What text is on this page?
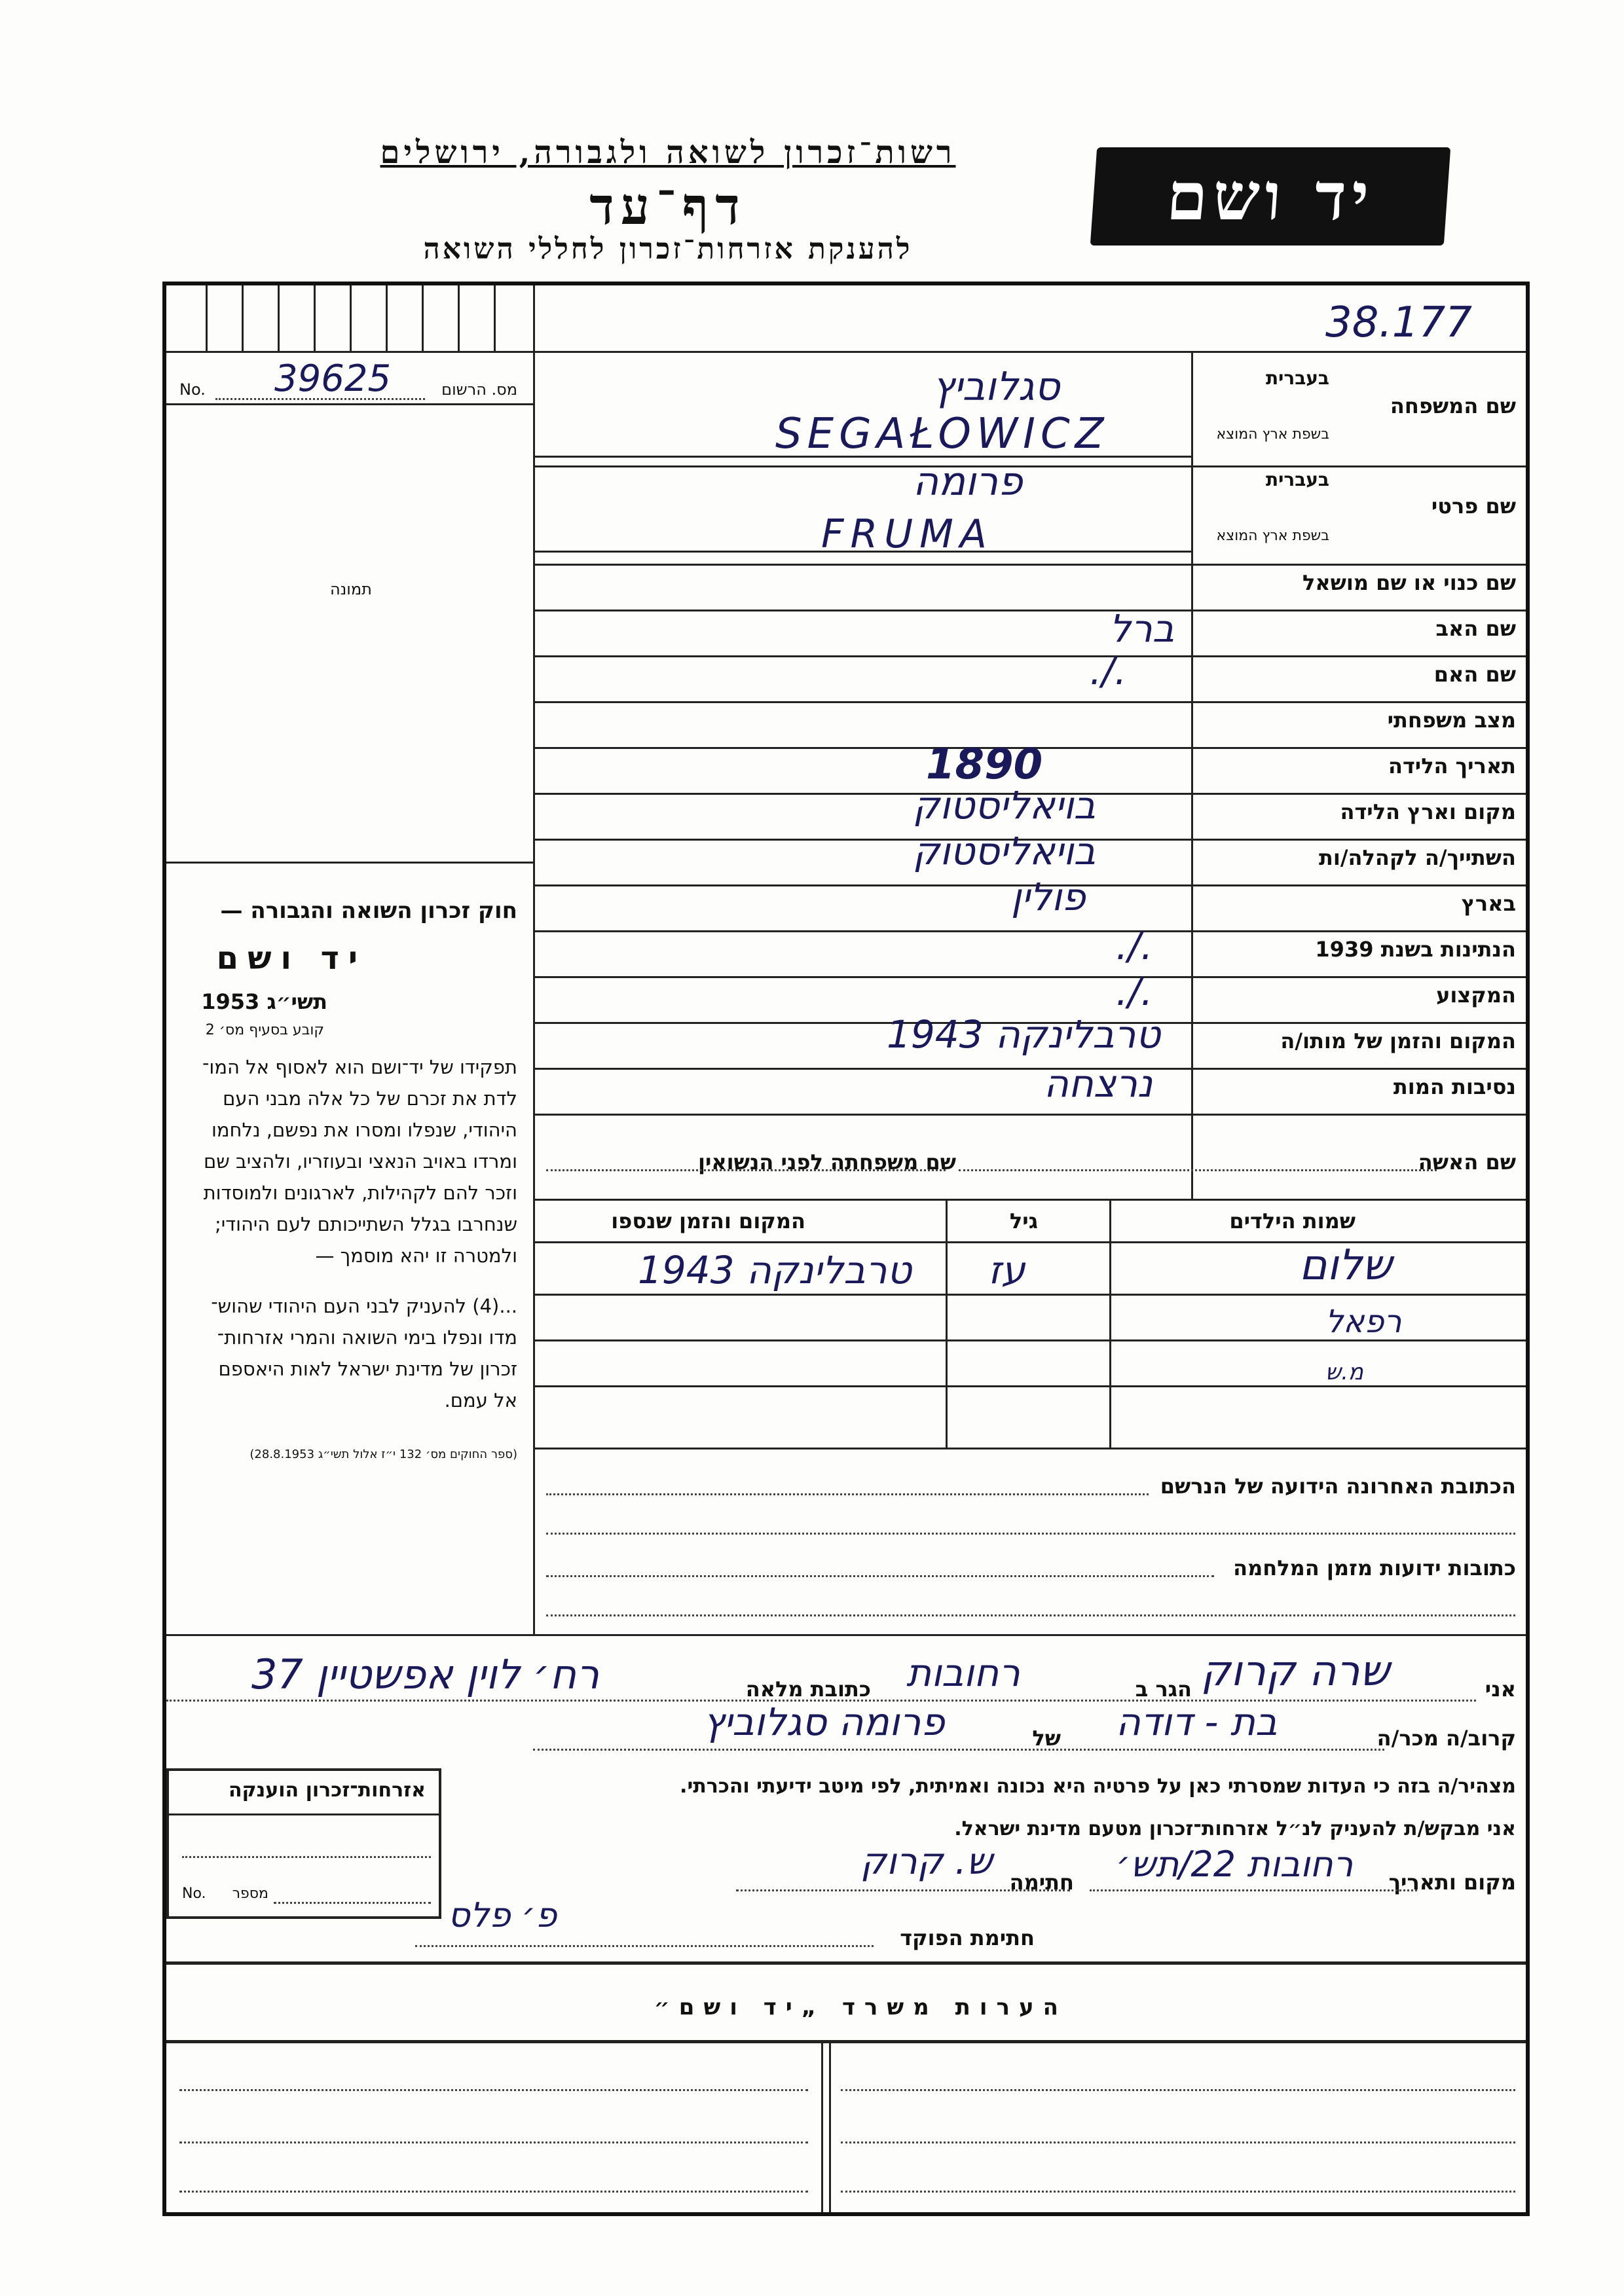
רשות־זכרון לשואה ולגבורה, ירושלים
דף־עד
להענקת אזרחות־זכרון לחללי השואה
יד ושם
38.177
מס. הרשום
No. 39625
תמונה
חוק זכרון השואה והגבורה —
יד ושם
תשי״ג 1953
קובע בסעיף מס׳ 2
תפקידו של יד־ושם הוא לאסוף אל המו־
לדת את זכרם של כל אלה מבני העם
היהודי, שנפלו ומסרו את נפשם, נלחמו
ומרדו באויב הנאצי ובעוזריו, ולהציב שם
וזכר להם לקהילות, לארגונים ולמוסדות
שנחרבו בגלל השתייכותם לעם היהודי;
ולמטרה זו יהא מוסמך —
...(4) להעניק לבני העם היהודי שהוש־
מדו ונפלו בימי השואה והמרי אזרחות־
זכרון של מדינת ישראל לאות היאספם
אל עמם.
(ספר החוקים מס׳ 132 י״ז אלול תשי״ג 28.8.1953)
בעברית
שם המשפחה
בשפת ארץ המוצא
סגלוביץ
SEGAŁOWICZ
בעברית
שם פרטי
בשפת ארץ המוצא
פרומה
FRUMA
שם כנוי או שם מושאל
שם האב
ברל
שם האם
./.
מצב משפחתי
תאריך הלידה
1890
מקום וארץ הלידה
בויאליסטוק
השתייך/ה לקהלה/ות
בויאליסטוק
בארץ
פולין
הנתינות בשנת 1939
./.
המקצוע
./.
המקום והזמן של מותו/ה
טרבלינקה 1943
נסיבות המות
נרצחה
שם האשה
שם משפחתה לפני הנשואין
שמות הילדים
גיל
המקום והזמן שנספו
שלום
רפאל
מ.ש
עז
טרבלינקה 1943
הכתובת האחרונה הידועה של הנרשם
כתובות ידועות מזמן המלחמה
אני
שרה קרוק
הגר ב
רחובות
כתובת מלאה
רח׳ לוין אפשטיין 37
קרוב/ה מכר/ה
בת - דודה
של
פרומה סגלוביץ
מצהיר/ה בזה כי העדות שמסרתי כאן על פרטיה היא נכונה ואמיתית, לפי מיטב ידיעתי והכרתי.
אני מבקש/ת להעניק לנ״ל אזרחות־זכרון מטעם מדינת ישראל.
מקום ותאריך
רחובות 22/תש׳
חתימה
ש. קרוק
חתימת הפוקד
פ׳ פלס
אזרחות־זכרון הוענקה
מספר
No.
הערות משרד „יד ושם״
